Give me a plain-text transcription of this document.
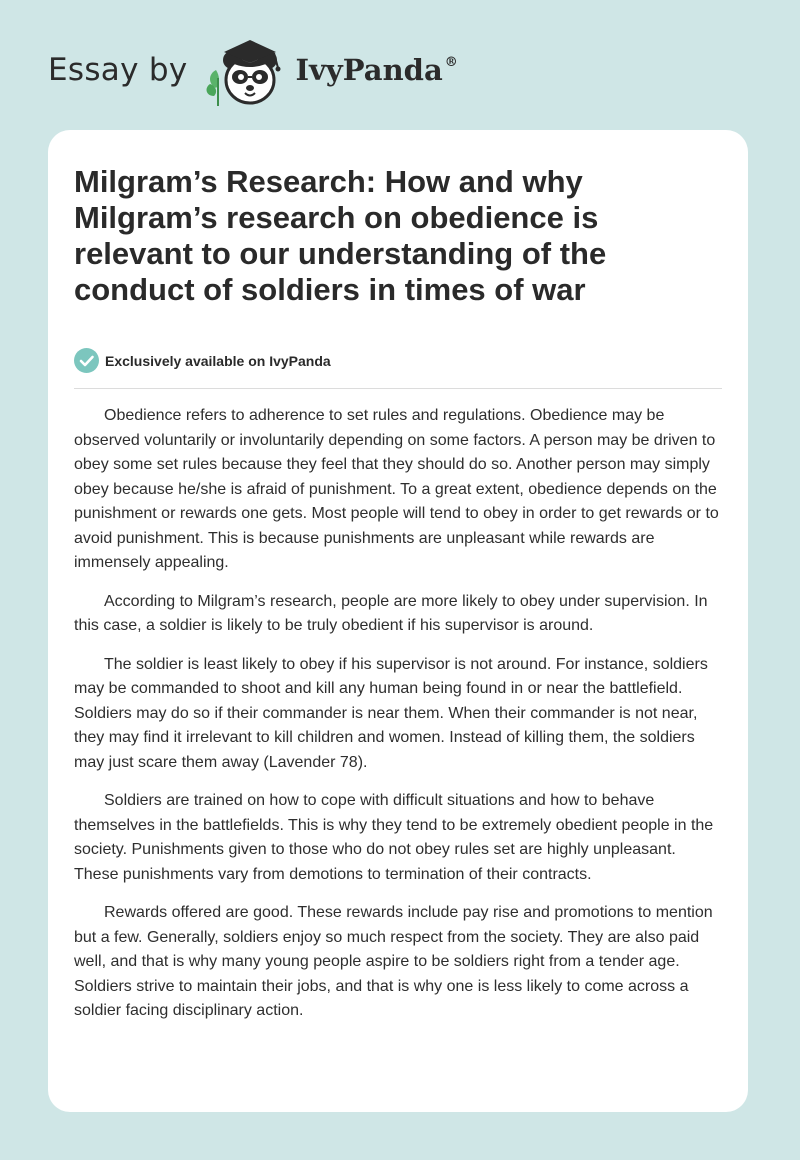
Essay by	IvyPanda®
Milgram’s Research: How and why Milgram’s research on obedience is relevant to our understanding of the conduct of soldiers in times of war
Exclusively available on IvyPanda

Obedience refers to adherence to set rules and regulations. Obedience may be observed voluntarily or involuntarily depending on some factors. A person may be driven to obey some set rules because they feel that they should do so. Another person may simply obey because he/she is afraid of punishment. To a great extent, obedience depends on the punishment or rewards one gets. Most people will tend to obey in order to get rewards or to avoid punishment. This is because punishments are unpleasant while rewards are immensely appealing.

According to Milgram’s research, people are more likely to obey under supervision. In this case, a soldier is likely to be truly obedient if his supervisor is around.

The soldier is least likely to obey if his supervisor is not around. For instance, soldiers may be commanded to shoot and kill any human being found in or near the battlefield. Soldiers may do so if their commander is near them. When their commander is not near, they may find it irrelevant to kill children and women. Instead of killing them, the soldiers may just scare them away (Lavender 78).

Soldiers are trained on how to cope with difficult situations and how to behave themselves in the battlefields. This is why they tend to be extremely obedient people in the society. Punishments given to those who do not obey rules set are highly unpleasant. These punishments vary from demotions to termination of their contracts.

Rewards offered are good. These rewards include pay rise and promotions to mention but a few. Generally, soldiers enjoy so much respect from the society. They are also paid well, and that is why many young people aspire to be soldiers right from a tender age. Soldiers strive to maintain their jobs, and that is why one is less likely to come across a soldier facing disciplinary action.
